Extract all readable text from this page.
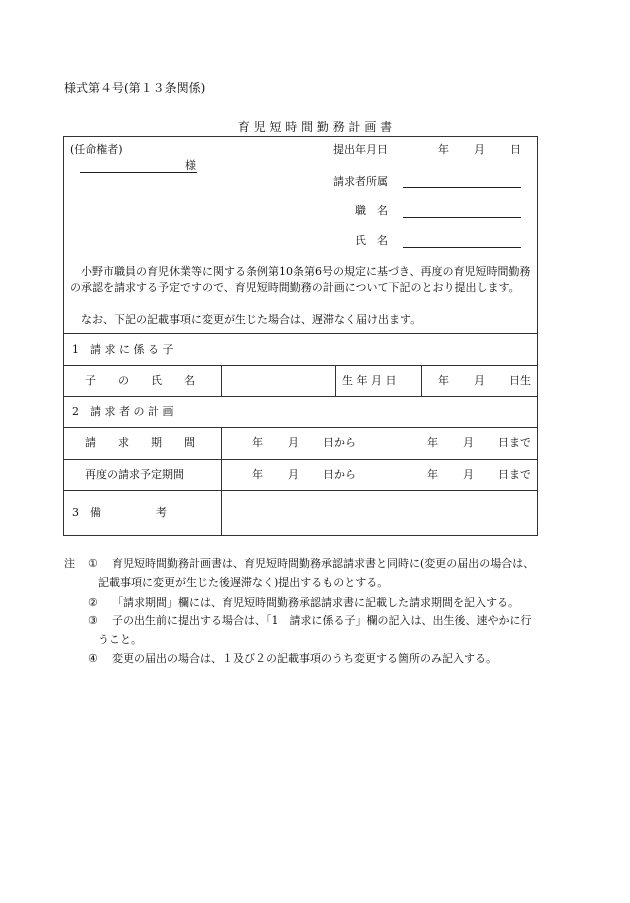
様式第４号(第１３条関係)
育 児 短 時 間 勤 務 計 画 書
(任命権者)
様
提出年月日	年 月 日
請求者所属
職　名
氏　名
小野市職員の育児休業等に関する条例第10条第6号の規定に基づき、再度の育児短時間勤務の承認を請求する予定ですので、育児短時間勤務の計画について下記のとおり提出します。
なお、下記の記載事項に変更が生じた場合は、遅滞なく届け出ます。
1　請 求 に 係 る 子
子　　の　　氏　　名	生 年 月 日	年 月 日生
2　請 求 者 の 計 画
請　　求　　期　　間	年 月 日から	年 月 日まで
再度の請求予定期間	年 月 日から	年 月 日まで
3　備　　　　　考
注 ① 育児短時間勤務計画書は、育児短時間勤務承認請求書と同時に(変更の届出の場合は、
記載事項に変更が生じた後遅滞なく)提出するものとする。
② 「請求期間」欄には、育児短時間勤務承認請求書に記載した請求期間を記入する。
③ 子の出生前に提出する場合は、「1　請求に係る子」欄の記入は、出生後、速やかに行
うこと。
④ 変更の届出の場合は、１及び２の記載事項のうち変更する箇所のみ記入する。
